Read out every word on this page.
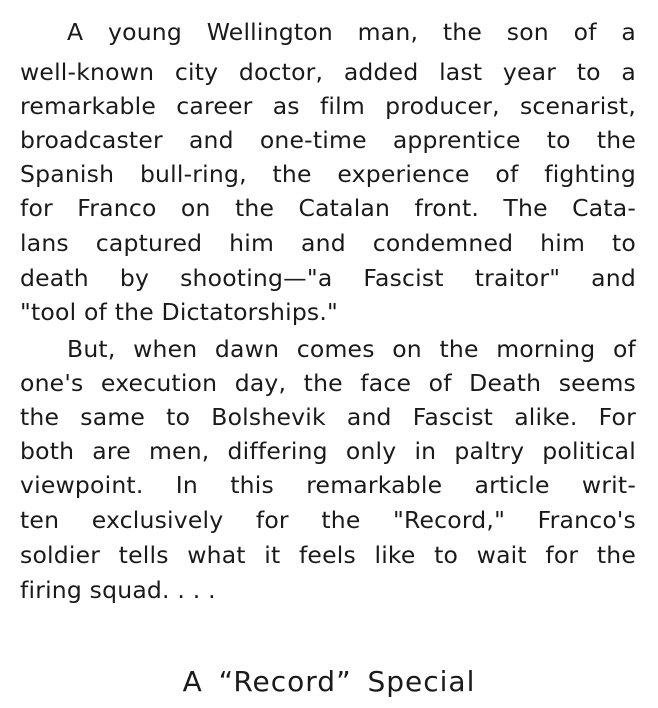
A young Wellington man, the son of a
well-known city doctor, added last year to a
remarkable career as film producer, scenarist,
broadcaster and one-time apprentice to the
Spanish bull-ring, the experience of fighting
for Franco on the Catalan front. The Cata-
lans captured him and condemned him to
death by shooting—"a Fascist traitor" and
"tool of the Dictatorships."
But, when dawn comes on the morning of
one's execution day, the face of Death seems
the same to Bolshevik and Fascist alike. For
both are men, differing only in paltry political
viewpoint. In this remarkable article writ-
ten exclusively for the "Record," Franco's
soldier tells what it feels like to wait for the
firing squad. . . .
A “Record” Special
